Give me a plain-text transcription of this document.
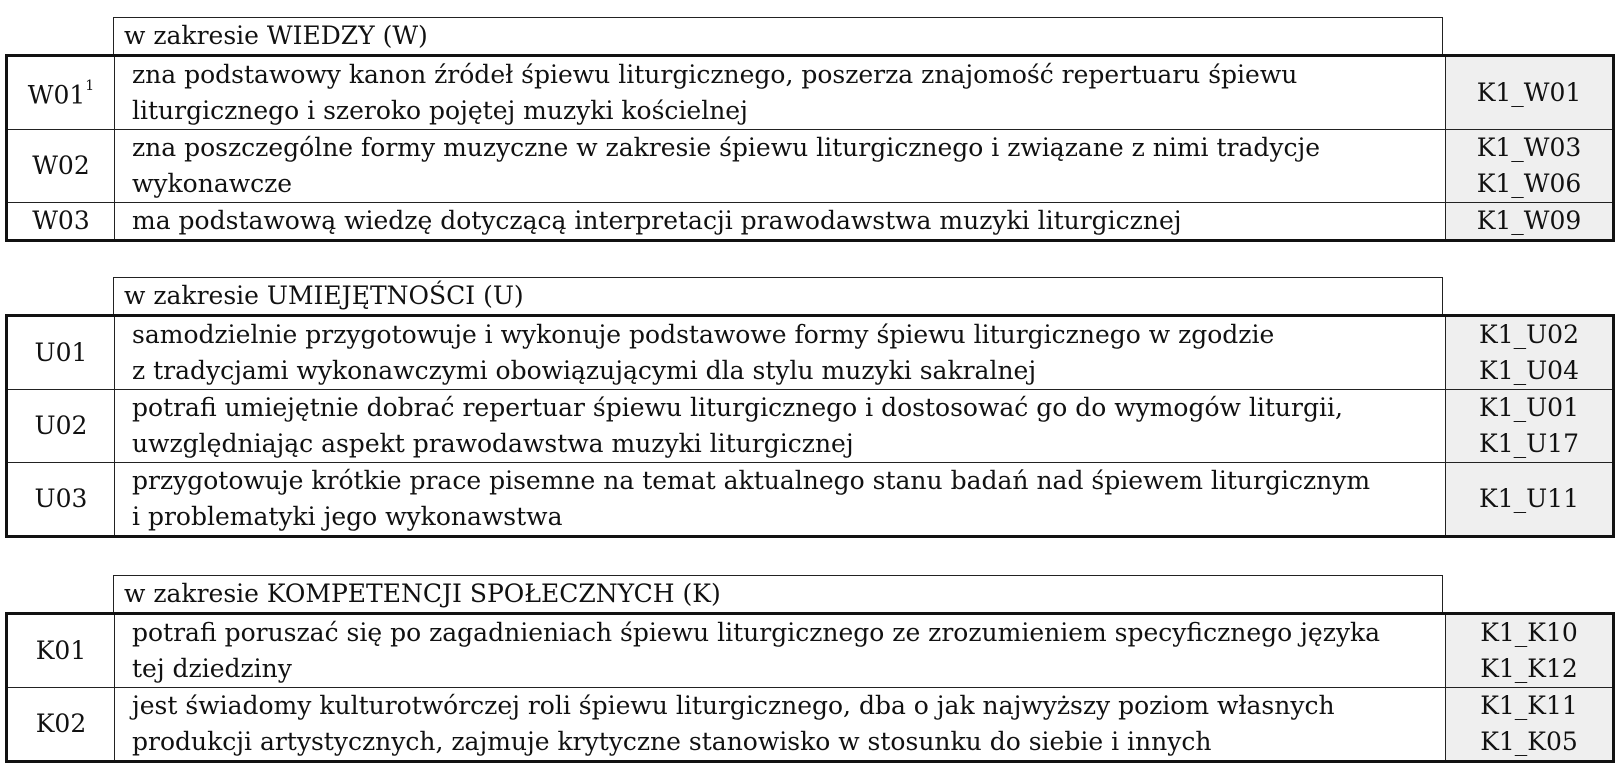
w zakresie WIEDZY (W)
$W01^1$	zna podstawowy kanon źródeł śpiewu liturgicznego, poszerza znajomość repertuaru śpiewu
liturgicznego i szeroko pojętej muzyki kościelnej	K1_W01

W02	zna poszczególne formy muzyczne w zakresie śpiewu liturgicznego i związane z nimi tradycje
wykonawcze	K1_W03
K1_W06

W03	ma podstawową wiedzę dotyczącą interpretacji prawodawstwa muzyki liturgicznej	K1_W09
w zakresie UMIEJĘTNOŚCI (U)
U01	samodzielnie przygotowuje i wykonuje podstawowe formy śpiewu liturgicznego w zgodzie
z tradycjami wykonawczymi obowiązującymi dla stylu muzyki sakralnej	K1_U02
K1_U04

U02	potrafi umiejętnie dobrać repertuar śpiewu liturgicznego i dostosować go do wymogów liturgii,
uwzględniając aspekt prawodawstwa muzyki liturgicznej	K1_U01
K1_U17

U03	przygotowuje krótkie prace pisemne na temat aktualnego stanu badań nad śpiewem liturgicznym
i problematyki jego wykonawstwa	K1_U11
w zakresie KOMPETENCJI SPOŁECZNYCH (K)
K01	potrafi poruszać się po zagadnieniach śpiewu liturgicznego ze zrozumieniem specyficznego języka
tej dziedziny	K1_K10
K1_K12

K02	jest świadomy kulturotwórczej roli śpiewu liturgicznego, dba o jak najwyższy poziom własnych
produkcji artystycznych, zajmuje krytyczne stanowisko w stosunku do siebie i innych	K1_K11
K1_K05
